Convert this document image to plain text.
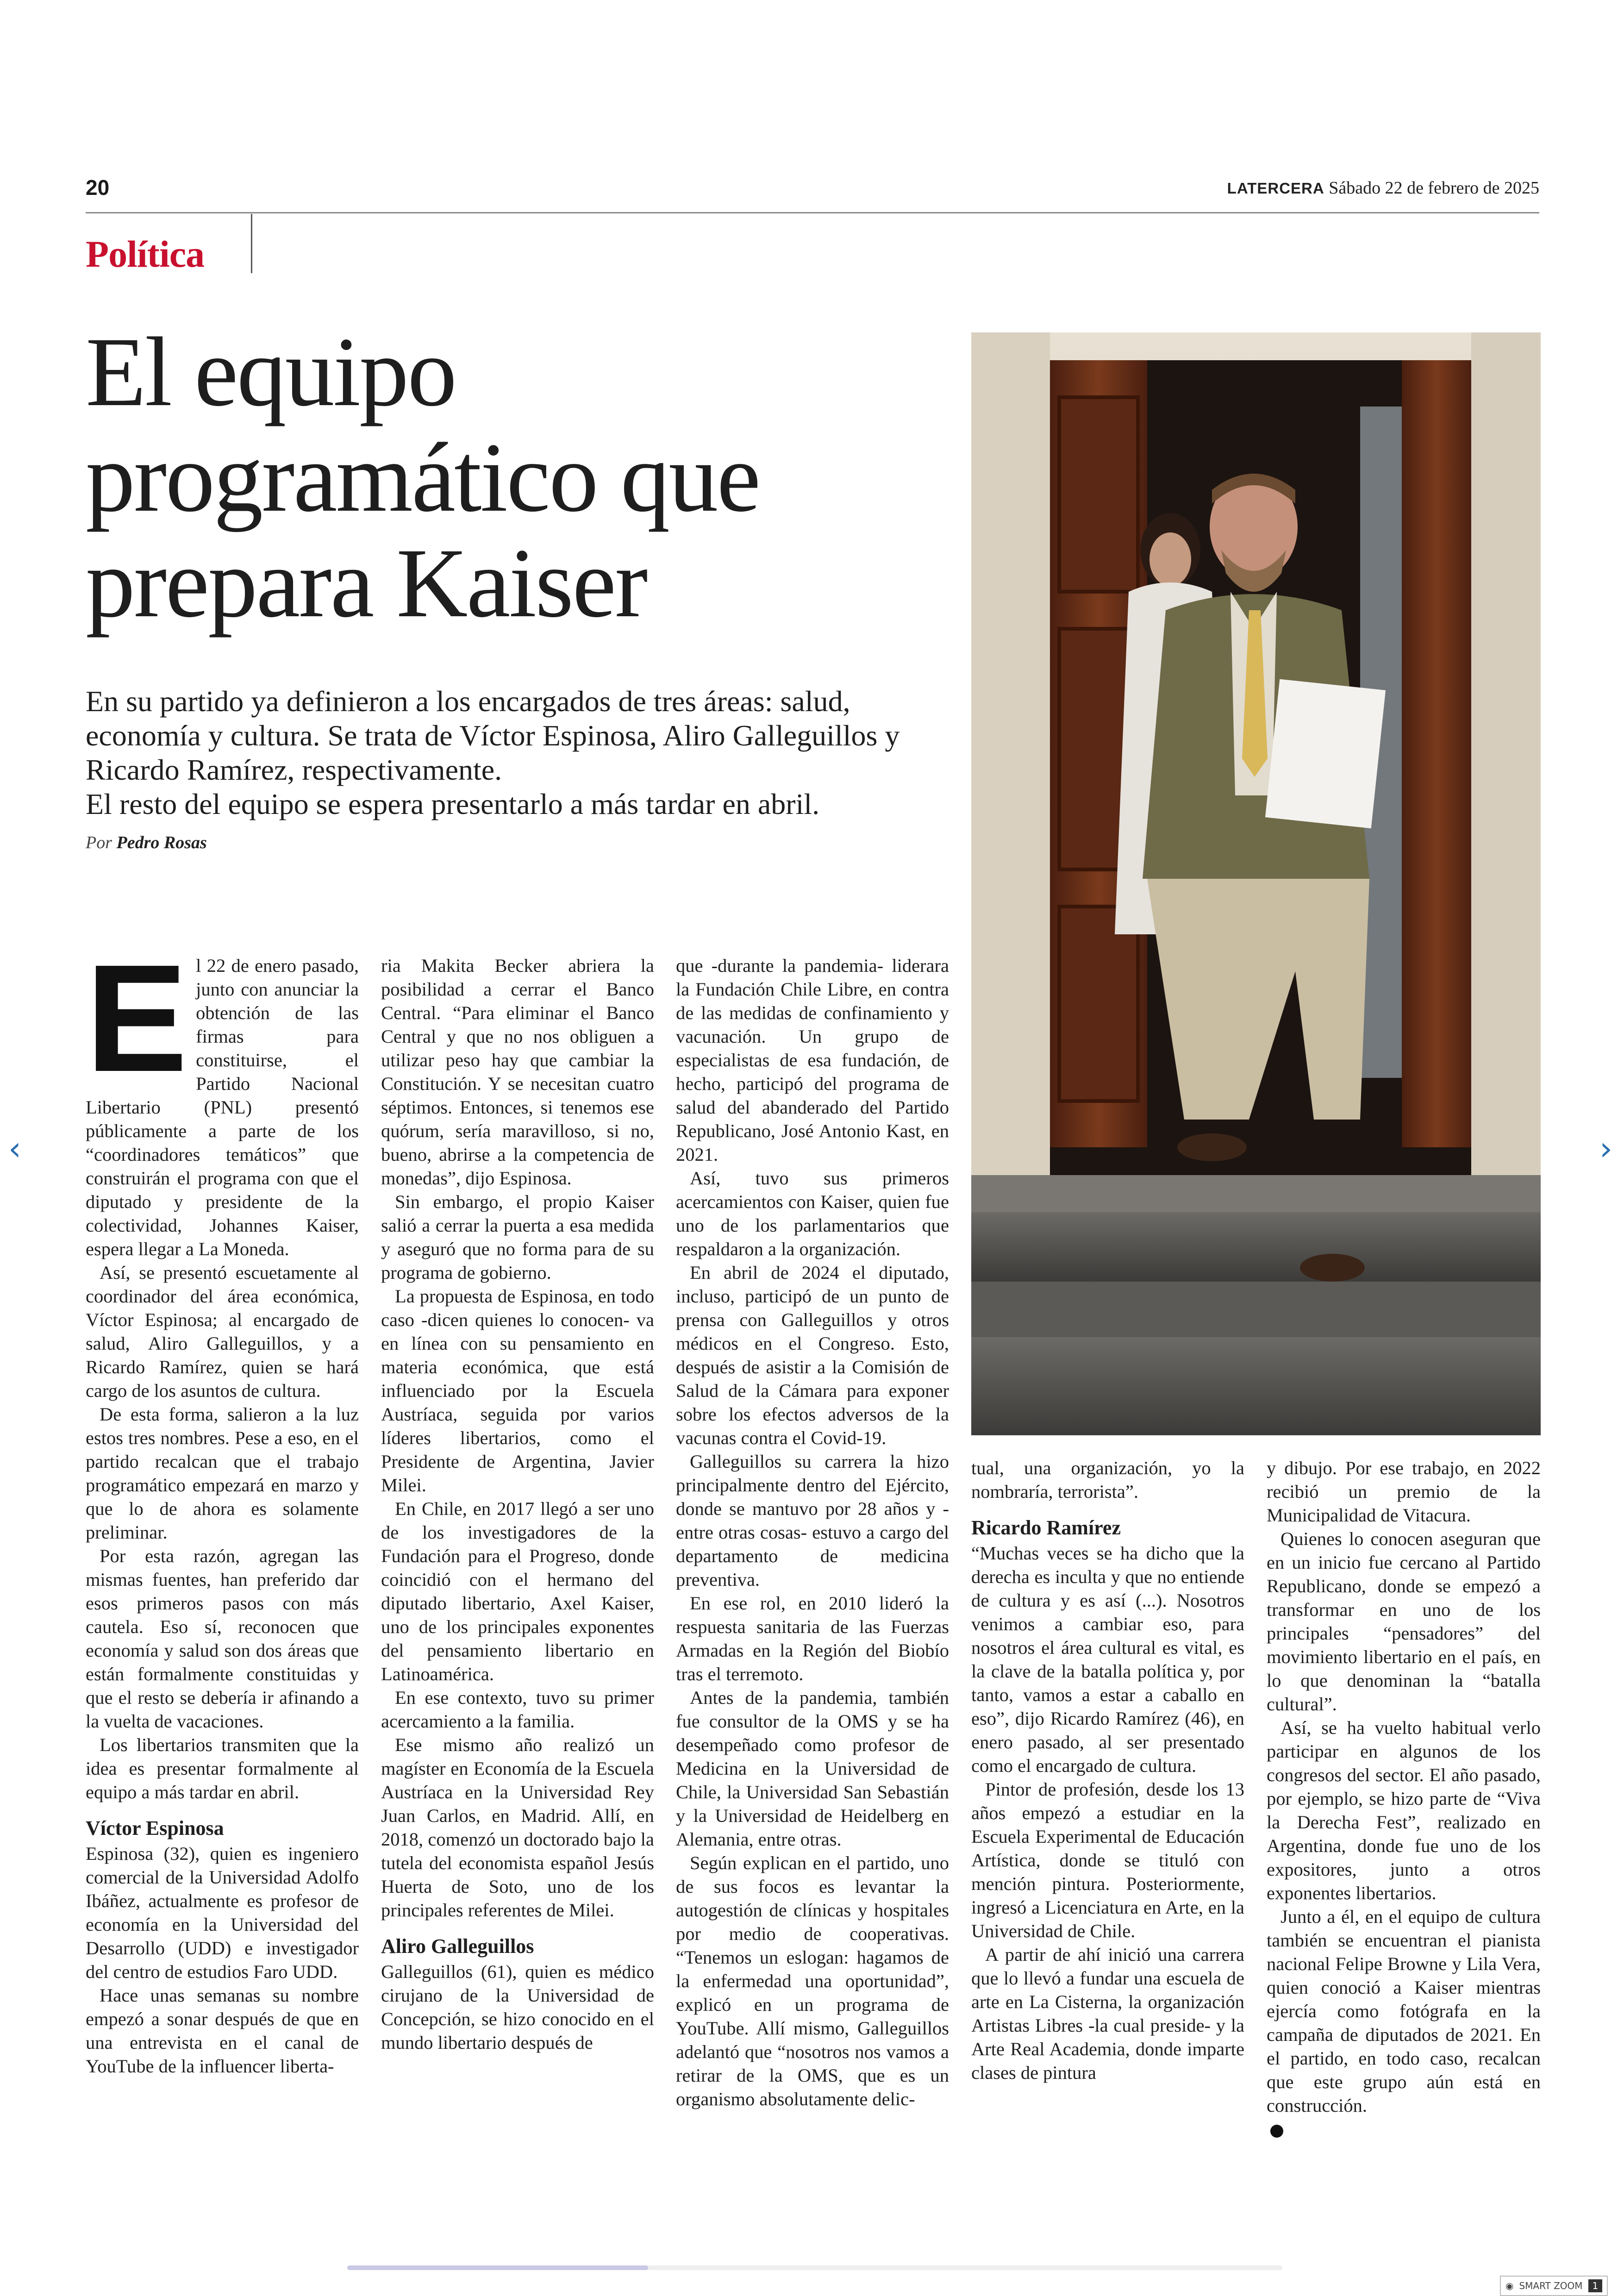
20	LATERCERA Sábado 22 de febrero de 2025
Política
El equipo programático que prepara Kaiser
En su partido ya definieron a los encargados de tres áreas: salud, economía y cultura. Se trata de Víctor Espinosa, Aliro Galleguillos y Ricardo Ramírez, respectivamente.
El resto del equipo se espera presentarlo a más tardar en abril.
Por Pedro Rosas
E l 22 de enero pasado, junto con anunciar la obtención de las firmas para constituirse, el Partido Nacional Libertario (PNL) presentó públicamente a parte de los “coordinadores temáticos” que construirán el programa con que el diputado y presidente de la colectividad, Johannes Kaiser, espera llegar a La Moneda.

Así, se presentó escuetamente al coordinador del área económica, Víctor Espinosa; al encargado de salud, Aliro Galleguillos, y a Ricardo Ramírez, quien se hará cargo de los asuntos de cultura.

De esta forma, salieron a la luz estos tres nombres. Pese a eso, en el partido recalcan que el trabajo programático empezará en marzo y que lo de ahora es solamente preliminar.

Por esta razón, agregan las mismas fuentes, han preferido dar esos primeros pasos con más cautela. Eso sí, reconocen que economía y salud son dos áreas que están formalmente constituidas y que el resto se debería ir afinando a la vuelta de vacaciones.

Los libertarios transmiten que la idea es presentar formalmente al equipo a más tardar en abril.

Víctor Espinosa

Espinosa (32), quien es ingeniero comercial de la Universidad Adolfo Ibáñez, actualmente es profesor de economía en la Universidad del Desarrollo (UDD) e investigador del centro de estudios Faro UDD.

Hace unas semanas su nombre empezó a sonar después de que en una entrevista en el canal de YouTube de la influencer liberta-

ria Makita Becker abriera la posibilidad a cerrar el Banco Central. “Para eliminar el Banco Central y que no nos obliguen a utilizar peso hay que cambiar la Constitución. Y se necesitan cuatro séptimos. Entonces, si tenemos ese quórum, sería maravilloso, si no, bueno, abrirse a la competencia de monedas”, dijo Espinosa.

Sin embargo, el propio Kaiser salió a cerrar la puerta a esa medida y aseguró que no forma para de su programa de gobierno.

La propuesta de Espinosa, en todo caso -dicen quienes lo conocen- va en línea con su pensamiento en materia económica, que está influenciado por la Escuela Austríaca, seguida por varios líderes libertarios, como el Presidente de Argentina, Javier Milei.

En Chile, en 2017 llegó a ser uno de los investigadores de la Fundación para el Progreso, donde coincidió con el hermano del diputado libertario, Axel Kaiser, uno de los principales exponentes del pensamiento libertario en Latinoamérica.

En ese contexto, tuvo su primer acercamiento a la familia.

Ese mismo año realizó un magíster en Economía de la Escuela Austríaca en la Universidad Rey Juan Carlos, en Madrid. Allí, en 2018, comenzó un doctorado bajo la tutela del economista español Jesús Huerta de Soto, uno de los principales referentes de Milei.

Aliro Galleguillos

Galleguillos (61), quien es médico cirujano de la Universidad de Concepción, se hizo conocido en el mundo libertario después de

que -durante la pandemia- liderara la Fundación Chile Libre, en contra de las medidas de confinamiento y vacunación. Un grupo de especialistas de esa fundación, de hecho, participó del programa de salud del abanderado del Partido Republicano, José Antonio Kast, en 2021.

Así, tuvo sus primeros acercamientos con Kaiser, quien fue uno de los parlamentarios que respaldaron a la organización.

En abril de 2024 el diputado, incluso, participó de un punto de prensa con Galleguillos y otros médicos en el Congreso. Esto, después de asistir a la Comisión de Salud de la Cámara para exponer sobre los efectos adversos de la vacunas contra el Covid-19.

Galleguillos su carrera la hizo principalmente dentro del Ejército, donde se mantuvo por 28 años y -entre otras cosas- estuvo a cargo del departamento de medicina preventiva.

En ese rol, en 2010 lideró la respuesta sanitaria de las Fuerzas Armadas en la Región del Biobío tras el terremoto.

Antes de la pandemia, también fue consultor de la OMS y se ha desempeñado como profesor de Medicina en la Universidad de Chile, la Universidad San Sebastián y la Universidad de Heidelberg en Alemania, entre otras.

Según explican en el partido, uno de sus focos es levantar la autogestión de clínicas y hospitales por medio de cooperativas. “Tenemos un eslogan: hagamos de la enfermedad una oportunidad”, explicó en un programa de YouTube. Allí mismo, Galleguillos adelantó que “nosotros nos vamos a retirar de la OMS, que es un organismo absolutamente delic-

tual, una organización, yo la nombraría, terrorista”.

Ricardo Ramírez

“Muchas veces se ha dicho que la derecha es inculta y que no entiende de cultura y es así (...). Nosotros venimos a cambiar eso, para nosotros el área cultural es vital, es la clave de la batalla política y, por tanto, vamos a estar a caballo en eso”, dijo Ricardo Ramírez (46), en enero pasado, al ser presentado como el encargado de cultura.

Pintor de profesión, desde los 13 años empezó a estudiar en la Escuela Experimental de Educación Artística, donde se tituló con mención pintura. Posteriormente, ingresó a Licenciatura en Arte, en la Universidad de Chile.

A partir de ahí inició una carrera que lo llevó a fundar una escuela de arte en La Cisterna, la organización Artistas Libres -la cual preside- y la Arte Real Academia, donde imparte clases de pintura

y dibujo. Por ese trabajo, en 2022 recibió un premio de la Municipalidad de Vitacura.

Quienes lo conocen aseguran que en un inicio fue cercano al Partido Republicano, donde se empezó a transformar en uno de los principales “pensadores” del movimiento libertario en el país, en lo que denominan la “batalla cultural”.

Así, se ha vuelto habitual verlo participar en algunos de los congresos del sector. El año pasado, por ejemplo, se hizo parte de “Viva la Derecha Fest”, realizado en Argentina, donde fue uno de los expositores, junto a otros exponentes libertarios.

Junto a él, en el equipo de cultura también se encuentran el pianista nacional Felipe Browne y Lila Vera, quien conoció a Kaiser mientras ejercía como fotógrafa en la campaña de diputados de 2021. En el partido, en todo caso, recalcan que este grupo aún está en construcción.

‹	›
◉ SMART ZOOM	1
